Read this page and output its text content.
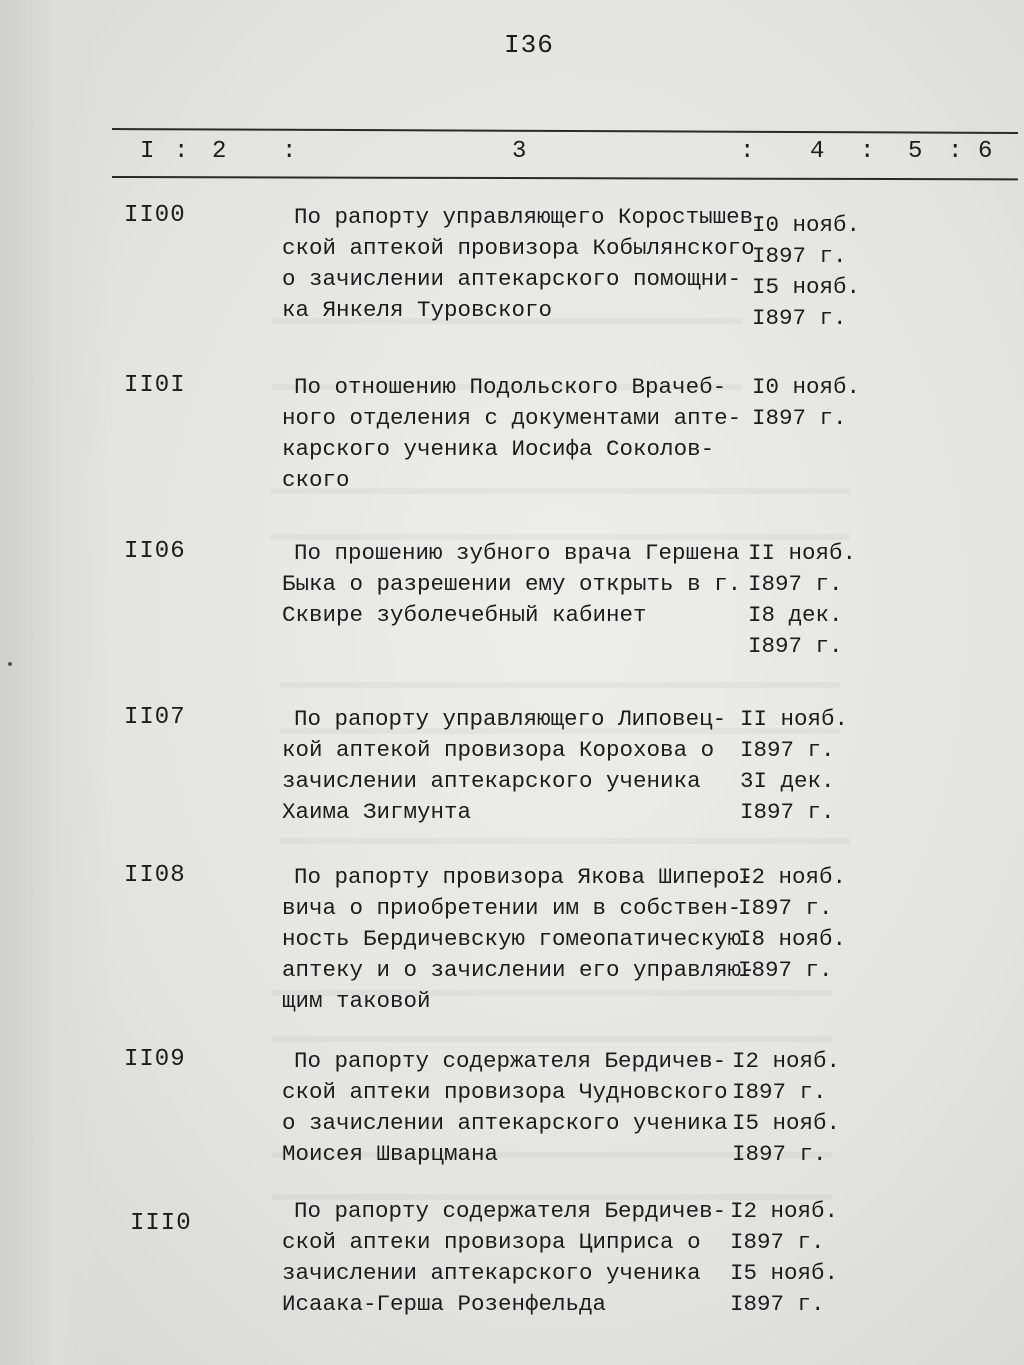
I36
I : 2 :	3	: 4 : 5 : 6
II00	По рапорту управляющего Коростышев-
ской аптекой провизора Кобылянского
о зачислении аптекарского помощни-
ка Янкеля Туровского
I0 нояб.
I897 г.
I5 нояб.
I897 г.
II0I	По отношению Подольского Врачеб-
ного отделения с документами апте-
карского ученика Иосифа Соколов-
ского
I0 нояб.
I897 г.
II06	По прошению зубного врача Гершена
Быка о разрешении ему открыть в г.
Сквире зуболечебный кабинет
II нояб.
I897 г.
I8 дек.
I897 г.
II07	По рапорту управляющего Липовец-
кой аптекой провизора Корохова о
зачислении аптекарского ученика
Хаима Зигмунта
II нояб.
I897 г.
3I дек.
I897 г.
II08	По рапорту провизора Якова Шиперо-
вича о приобретении им в собствен-
ность Бердичевскую гомеопатическую
аптеку и о зачислении его управляю-
щим таковой
I2 нояб.
I897 г.
I8 нояб.
I897 г.
II09	По рапорту содержателя Бердичев-
ской аптеки провизора Чудновского
о зачислении аптекарского ученика
Моисея Шварцмана
I2 нояб.
I897 г.
I5 нояб.
I897 г.
III0	По рапорту содержателя Бердичев-
ской аптеки провизора Циприса о
зачислении аптекарского ученика
Исаака-Герша Розенфельда
I2 нояб.
I897 г.
I5 нояб.
I897 г.
